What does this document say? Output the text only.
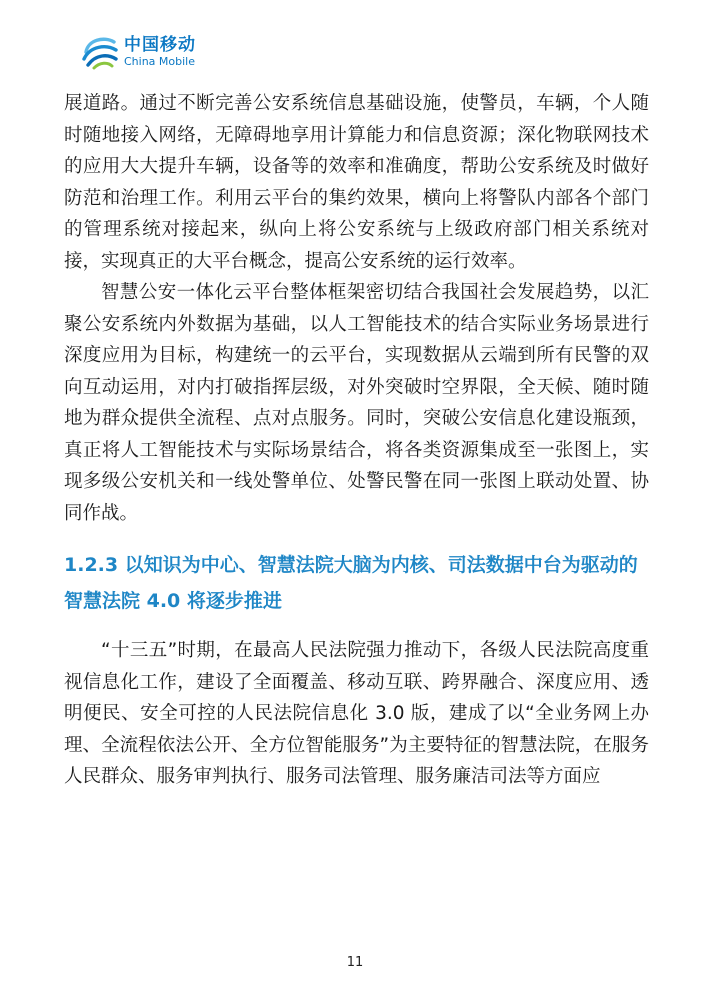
中国移动
China Mobile

展道路。通过不断完善公安系统信息基础设施，使警员，车辆，个人随时随地接入网络，无障碍地享用计算能力和信息资源；深化物联网技术的应用大大提升车辆，设备等的效率和准确度，帮助公安系统及时做好防范和治理工作。利用云平台的集约效果，横向上将警队内部各个部门的管理系统对接起来，纵向上将公安系统与上级政府部门相关系统对接，实现真正的大平台概念，提高公安系统的运行效率。

智慧公安一体化云平台整体框架密切结合我国社会发展趋势，以汇聚公安系统内外数据为基础，以人工智能技术的结合实际业务场景进行深度应用为目标，构建统一的云平台，实现数据从云端到所有民警的双向互动运用，对内打破指挥层级，对外突破时空界限，全天候、随时随地为群众提供全流程、点对点服务。同时，突破公安信息化建设瓶颈，真正将人工智能技术与实际场景结合，将各类资源集成至一张图上，实现多级公安机关和一线处警单位、处警民警在同一张图上联动处置、协同作战。

1.2.3 以知识为中心、智慧法院大脑为内核、司法数据中台为驱动的智慧法院 4.0 将逐步推进

“十三五”时期，在最高人民法院强力推动下，各级人民法院高度重视信息化工作，建设了全面覆盖、移动互联、跨界融合、深度应用、透明便民、安全可控的人民法院信息化 3.0 版，建成了以“全业务网上办理、全流程依法公开、全方位智能服务”为主要特征的智慧法院，在服务人民群众、服务审判执行、服务司法管理、服务廉洁司法等方面应

11
